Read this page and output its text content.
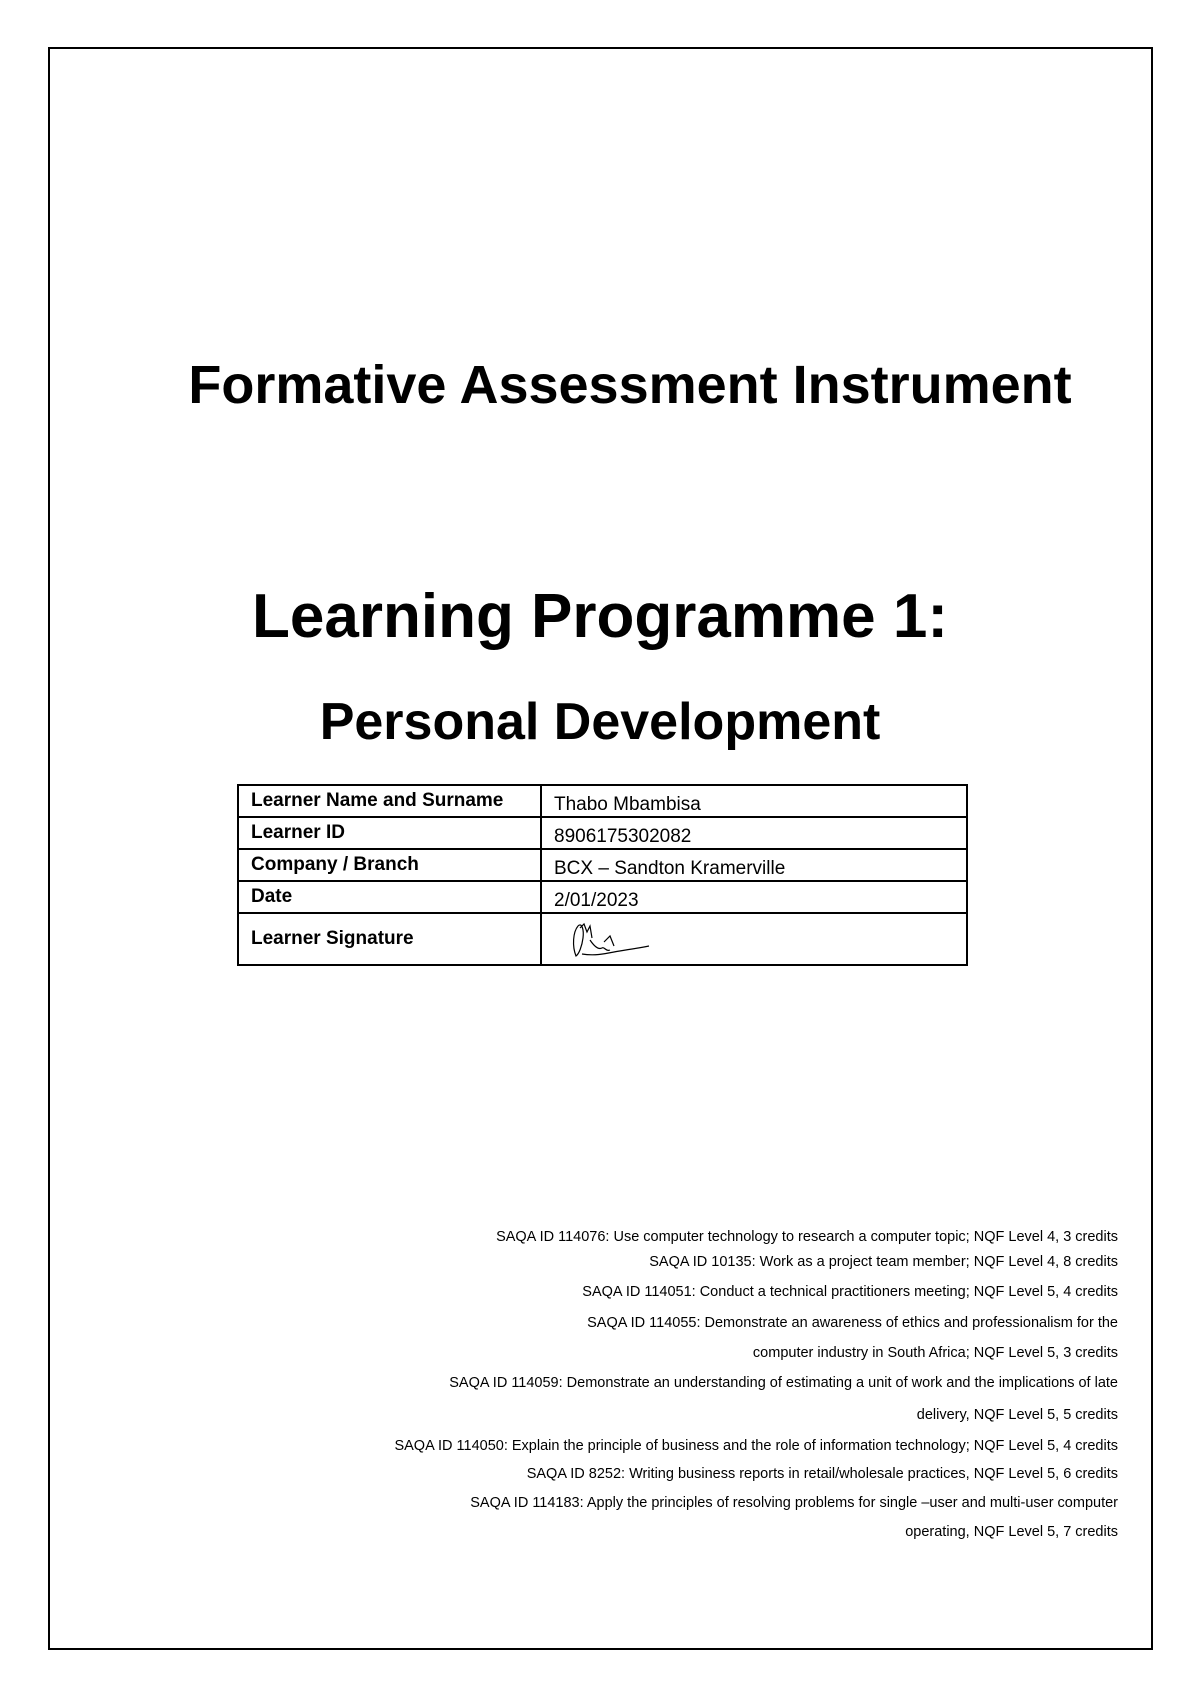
Formative Assessment Instrument
Learning Programme 1:
Personal Development
Learner Name and Surname	Thabo Mbambisa
Learner ID	8906175302082
Company / Branch	BCX – Sandton Kramerville
Date	2/01/2023
Learner Signature	

SAQA ID 114076: Use computer technology to research a computer topic; NQF Level 4, 3 credits

SAQA ID 10135: Work as a project team member; NQF Level 4, 8 credits

SAQA ID 114051: Conduct a technical practitioners meeting; NQF Level 5, 4 credits

SAQA ID 114055: Demonstrate an awareness of ethics and professionalism for the

computer industry in South Africa; NQF Level 5, 3 credits

SAQA ID 114059: Demonstrate an understanding of estimating a unit of work and the implications of late

delivery, NQF Level 5, 5 credits

SAQA ID 114050: Explain the principle of business and the role of information technology; NQF Level 5, 4 credits

SAQA ID 8252: Writing business reports in retail/wholesale practices, NQF Level 5, 6 credits

SAQA ID 114183: Apply the principles of resolving problems for single –user and multi-user computer

operating, NQF Level 5, 7 credits
